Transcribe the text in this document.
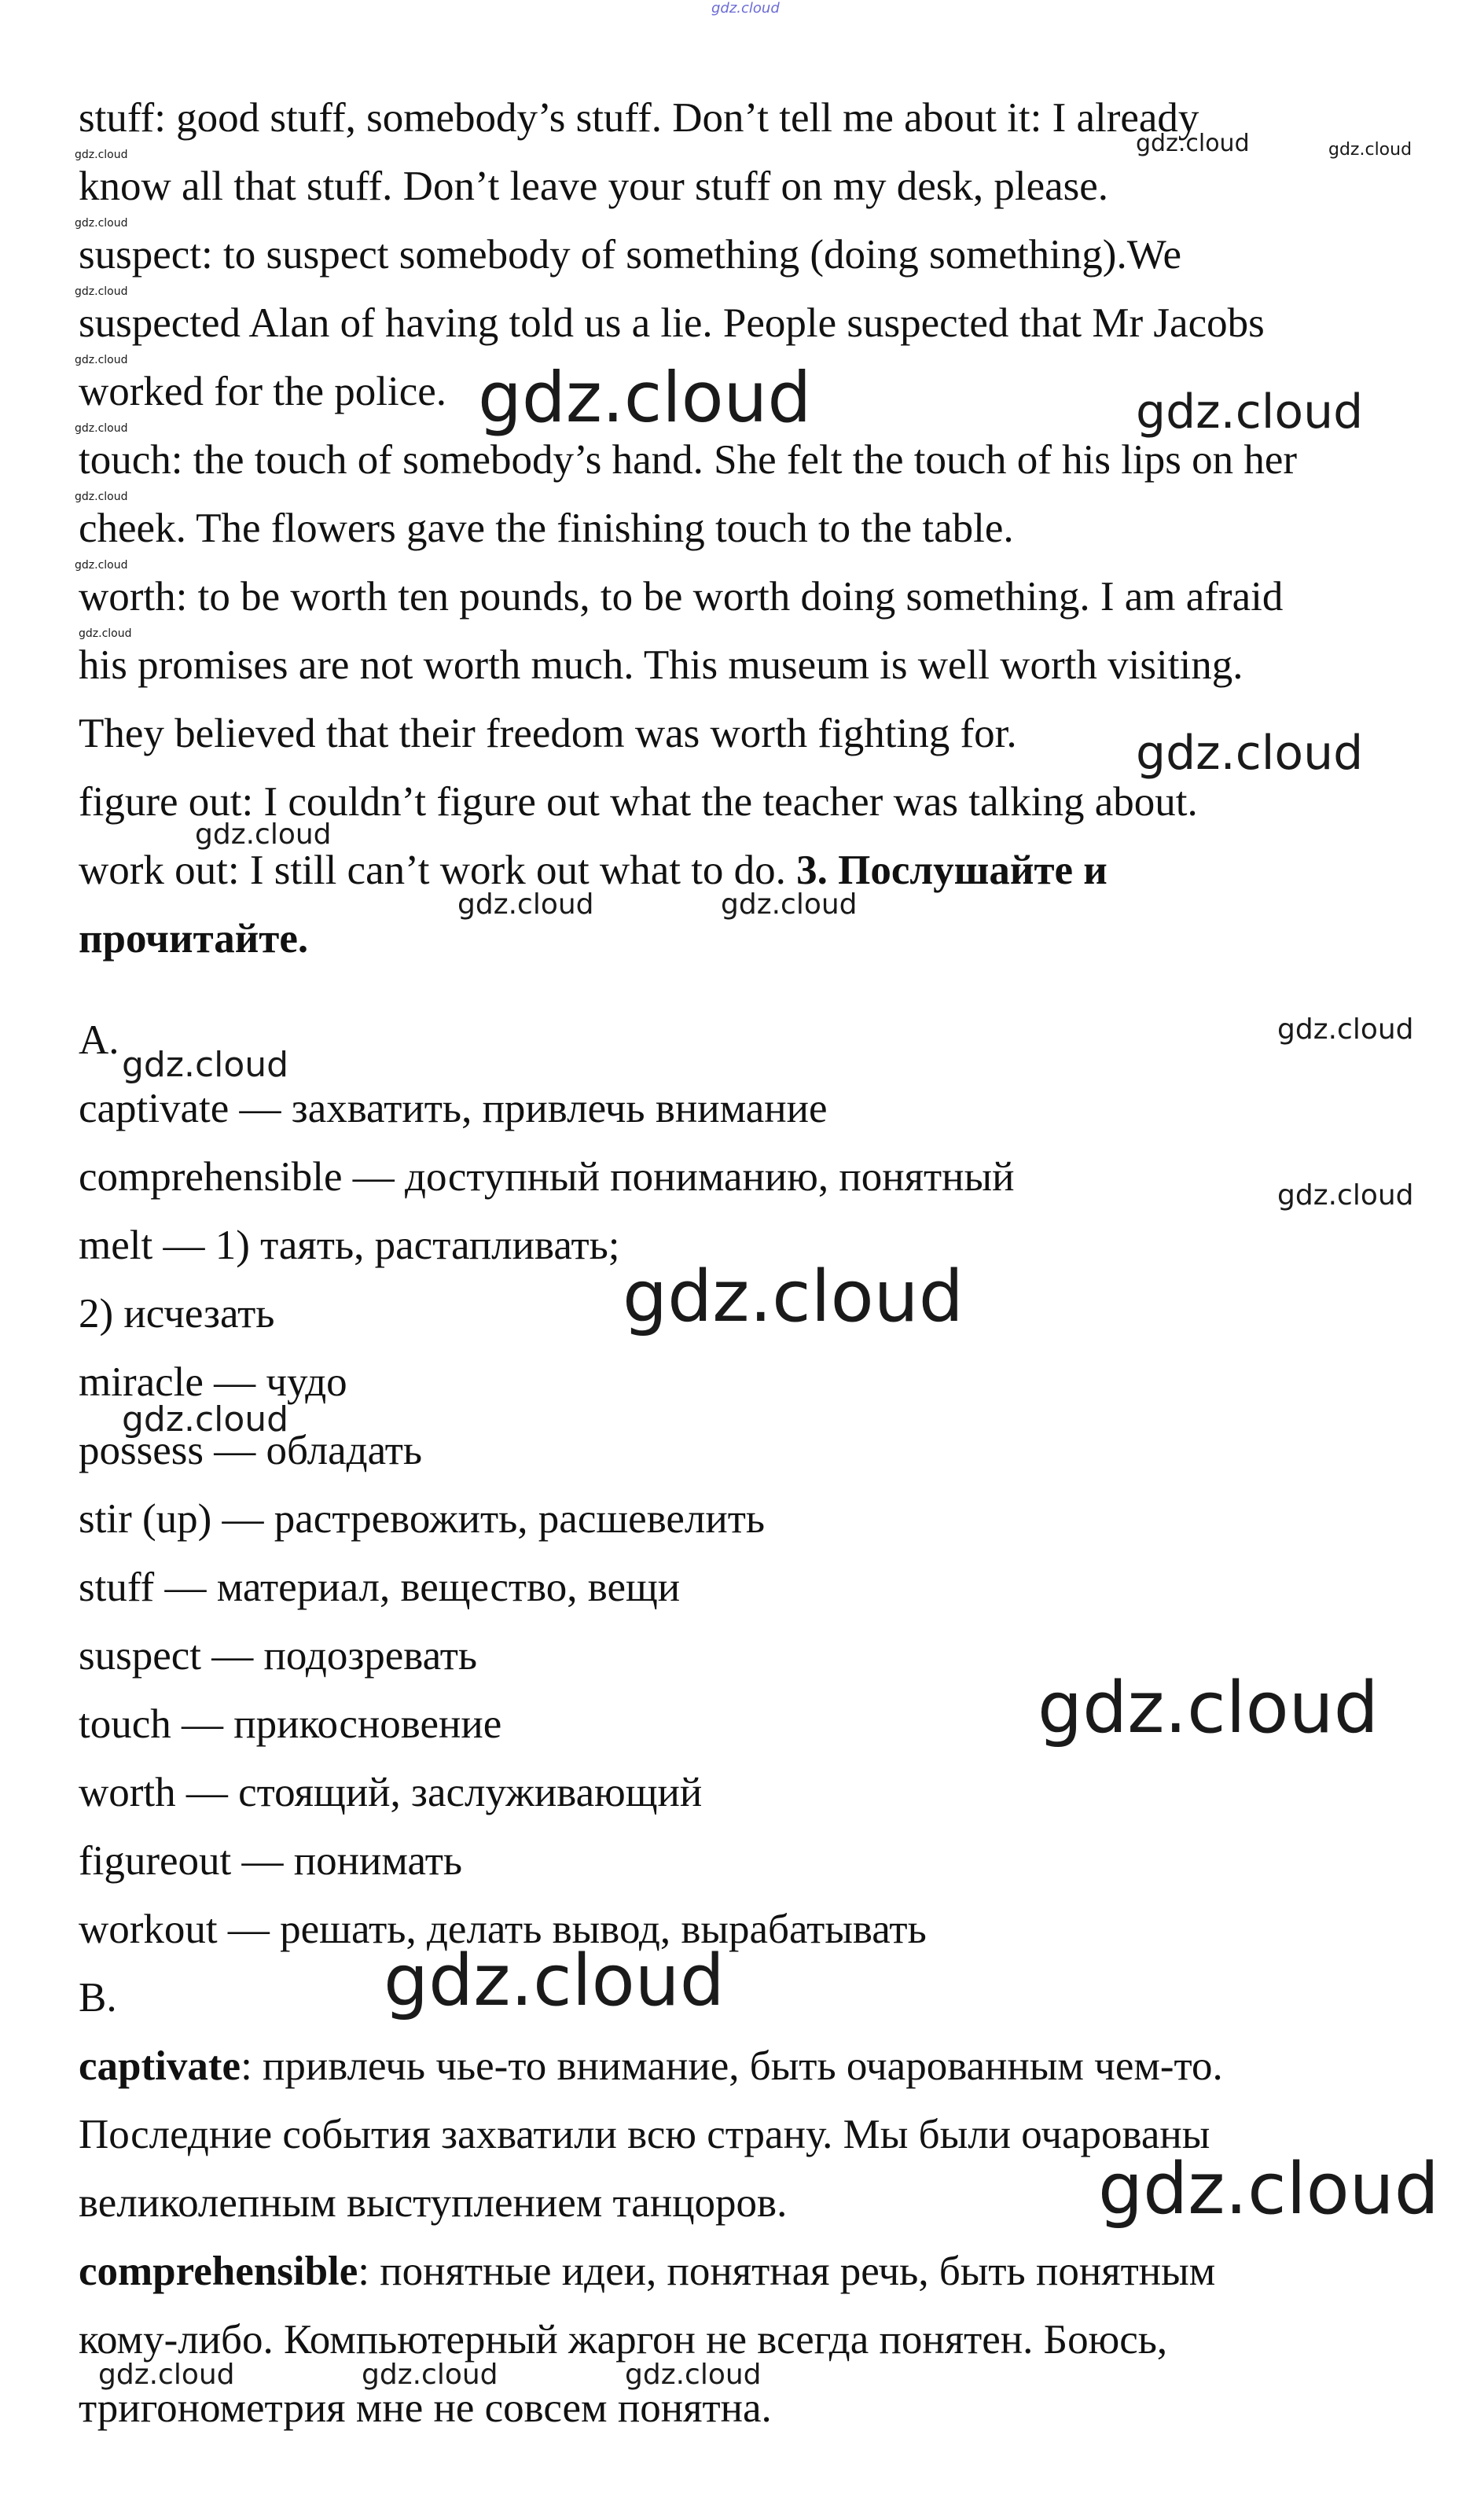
gdz.cloud
stuff: good stuff, somebody’s stuff. Don’t tell me about it: I already
know all that stuff. Don’t leave your stuff on my desk, please.
suspect: to suspect somebody of something (doing something).We
suspected Alan of having told us a lie. People suspected that Mr Jacobs
worked for the police.
touch: the touch of somebody’s hand. She felt the touch of his lips on her
cheek. The flowers gave the finishing touch to the table.
worth: to be worth ten pounds, to be worth doing something. I am afraid
his promises are not worth much. This museum is well worth visiting.
They believed that their freedom was worth fighting for.
figure out: I couldn’t figure out what the teacher was talking about.
work out: I still can’t work out what to do. 3. Послушайте и
прочитайте.
A.
captivate — захватить, привлечь внимание
comprehensible — доступный пониманию, понятный
melt — 1) таять, растапливать;
2) исчезать
miracle — чудо
possess — обладать
stir (up) — растревожить, расшевелить
stuff — материал, вещество, вещи
suspect — подозревать
touch — прикосновение
worth — стоящий, заслуживающий
figureout — понимать
workout — решать, делать вывод, вырабатывать
B.
captivate: привлечь чье-то внимание, быть очарованным чем-то.
Последние события захватили всю страну. Мы были очарованы
великолепным выступлением танцоров.
comprehensible: понятные идеи, понятная речь, быть понятным
кому-либо. Компьютерный жаргон не всегда понятен. Боюсь,
тригонометрия мне не совсем понятна.
gdz.cloud
gdz.cloud
gdz.cloud
gdz.cloud
gdz.cloud
gdz.cloud
gdz.cloud
gdz.cloud
gdz.cloud	gdz.cloud
gdz.cloud	gdz.cloud
gdz.cloud
gdz.cloud
gdz.cloud	gdz.cloud
gdz.cloud
gdz.cloud
gdz.cloud
gdz.cloud
gdz.cloud
gdz.cloud
gdz.cloud
gdz.cloud
gdz.cloud	gdz.cloud	gdz.cloud
